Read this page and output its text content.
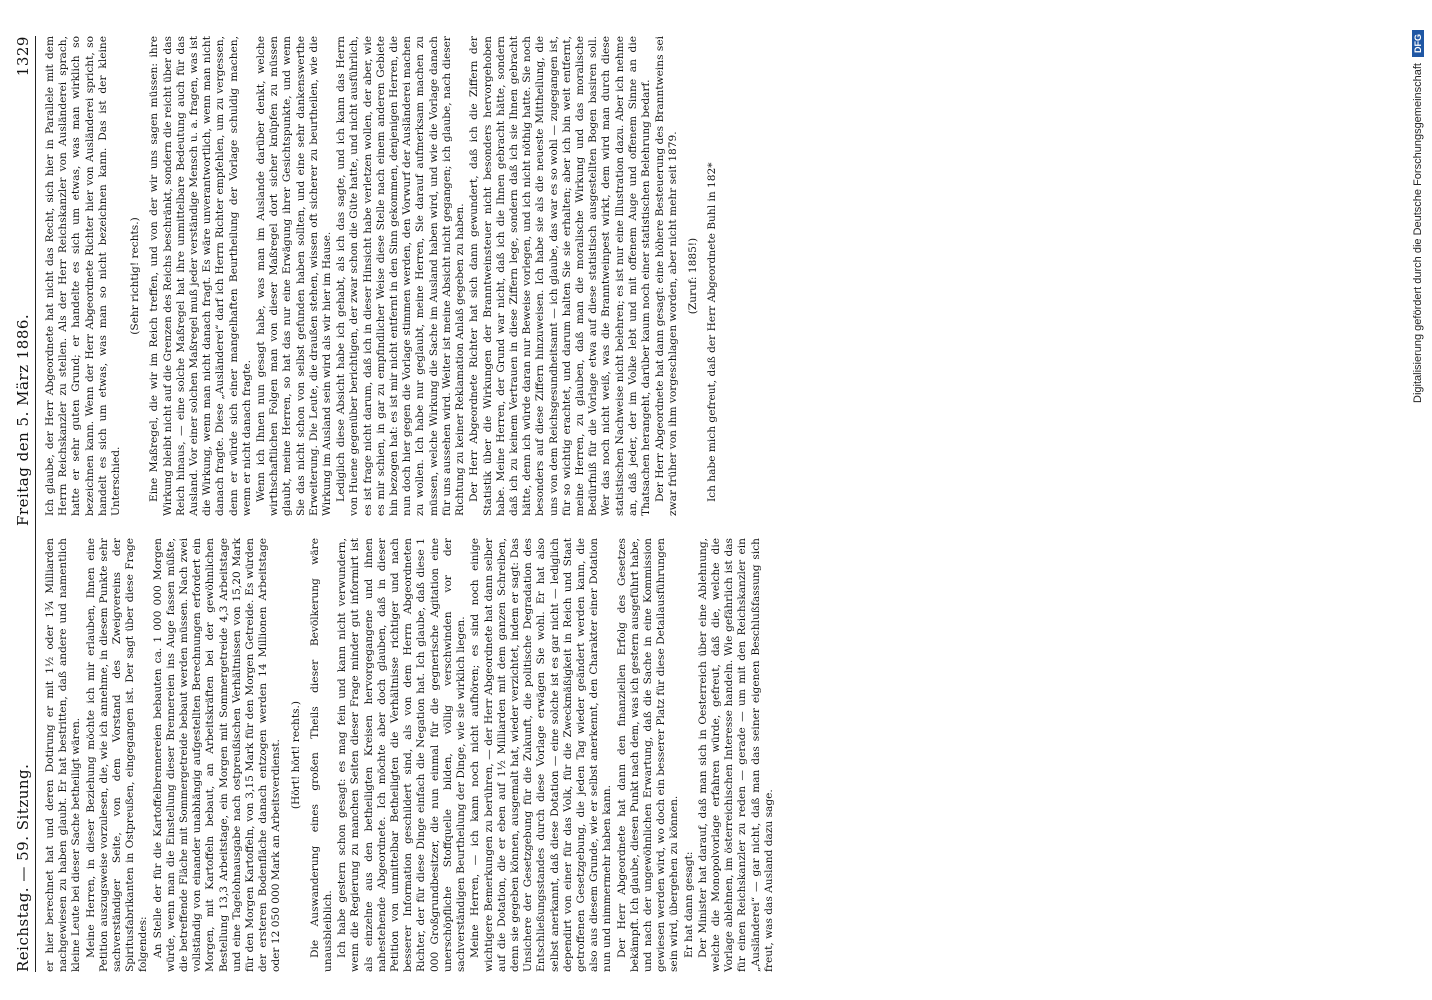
Reichstag. — 59. Sitzung.
Freitag den 5. März 1886.
1329

er hier berechnet hat und deren Dotirung er mit 1½ oder 1¾ Milliarden nachgewiesen zu haben glaubt. Er hat bestritten, daß andere und namentlich kleine Leute bei dieser Sache betheiligt wären. Meine Herren, in dieser Beziehung möchte ich mir erlauben, Ihnen eine Petition auszugsweise vorzulesen, die, wie ich annehme, in diesem Punkte sehr sachverständiger Seite, von dem Vorstand des Zweigvereins der Spiritusfabrikanten in Ostpreußen, eingegangen ist. Der sagt über diese Frage folgendes: An Stelle der für die Kartoffelbrennereien bebauten ca. 1 000 000 Morgen würde, wenn man die Einstellung dieser Brennereien ins Auge fassen müßte, die betreffende Fläche mit Sommergetreide bebaut werden müssen. Nach zwei vollständig von einander unabhängig aufgestellten Berechnungen erfordert ein Morgen, mit Kartoffeln bebaut, an Arbeitskräften bei der gewöhnlichen Bestellung 13,3 Arbeitstage, ein Morgen mit Sommergetreide 4,3 Arbeitstage und eine Tagelohnausgabe nach ostpreußischen Verhältnissen von 15,20 Mark für den Morgen Kartoffeln, von 3,15 Mark für den Morgen Getreide. Es würden der ersteren Bodenfläche danach entzogen werden 14 Millionen Arbeitstage oder 12 050 000 Mark an Arbeitsverdienst. (Hört! hört! rechts.) Die Auswanderung eines großen Theils dieser Bevölkerung wäre unausbleiblich. Ich habe gestern schon gesagt: es mag fein und kann nicht verwundern, wenn die Regierung zu manchen Seiten dieser Frage minder gut informirt ist als einzelne aus den betheiligten Kreisen hervorgegangene und ihnen nahestehende Abgeordnete. Ich möchte aber doch glauben, daß in dieser Petition von unmittelbar Betheiligten die Verhältnisse richtiger und nach besserer Information geschildert sind, als von dem Herrn Abgeordneten Richter, der für diese Dinge einfach die Negation hat. Ich glaube, daß diese 1 000 Großgrundbesitzer, die nun einmal für die gegnerische Agitation eine unerschöpfliche Stoffquelle bilden, völlig verschwinden vor der sachverständigen Beurtheilung der Dinge, wie sie wirklich liegen. Meine Herren, — ich kann noch nicht aufhören; es sind noch einige wichtigere Bemerkungen zu berühren, — der Herr Abgeordnete hat dann selber auf die Dotation, die er eben auf 1½ Milliarden mit dem ganzen Schreiben, denn sie gegeben können, ausgemalt hat, wieder verzichtet, indem er sagt: Das Unsichere der Gesetzgebung für die Zukunft, die politische Degradation des Entschließungsstandes durch diese Vorlage erwägen Sie wohl. Er hat also selbst anerkannt, daß diese Dotation — eine solche ist es gar nicht — lediglich dependirt von einer für das Volk, für die Zweckmäßigkeit in Reich und Staat getroffenen Gesetzgebung, die jeden Tag wieder geändert werden kann, die also aus diesem Grunde, wie er selbst anerkennt, den Charakter einer Dotation nun und nimmermehr haben kann. Der Herr Abgeordnete hat dann den finanziellen Erfolg des Gesetzes bekämpft. Ich glaube, diesen Punkt nach dem, was ich gestern ausgeführt habe, und nach der ungewöhnlichen Erwartung, daß die Sache in eine Kommission gewiesen werden wird, wo doch ein besserer Platz für diese Detailausführungen sein wird, übergehen zu können. Er hat dann gesagt: Der Minister hat darauf, daß man sich in Oesterreich über eine Ablehnung, welche die Monopolvorlage erfahren würde, gefreut, daß die, welche die Vorlage ablehnen, im österreichischen Interesse handeln. Wie gefährlich ist das für einen Reichskanzler zu reden — gerade — um mit den Reichskanzler ein „Ausländerei“ — gar nicht, daß man das seiner eigenen Beschlußfassung sich freut, was das Ausland dazu sage.

Ich glaube, der Herr Abgeordnete hat nicht das Recht, sich hier in Parallele mit dem Herrn Reichskanzler zu stellen. Als der Herr Reichskanzler von Ausländerei sprach, hatte er sehr guten Grund; er handelte es sich um etwas, was man wirklich so bezeichnen kann. Wenn der Herr Abgeordnete Richter hier von Ausländerei spricht, so handelt es sich um etwas, was man so nicht bezeichnen kann. Das ist der kleine Unterschied.

(Sehr richtig! rechts.) Eine Maßregel, die wir im Reich treffen, und von der wir uns sagen müssen: ihre Wirkung bleibt nicht auf die Grenzen des Reichs beschränkt, sondern die reicht über das Reich hinaus, — eine solche Maßregel hat ihre unmittelbare Bedeutung auch für das Ausland. Vor einer solchen Maßregel muß jeder verständige Mensch u. a. fragen, was ist die Wirkung, wenn man nicht danach fragt. Es wäre unverantwortlich, wenn man nicht danach fragte. Diese „Ausländerei“ darf ich Herrn Richter empfehlen, um zu vergessen, denn er würde sich einer mangelhaften Beurtheilung der Vorlage schuldig machen, wenn er nicht danach fragte. Wenn ich Ihnen nun gesagt habe, was man im Auslande darüber denkt, welche wirthschaftlichen Folgen man von dieser Maßregel dort sicher knüpfen zu müssen glaubt, meine Herren, so hat das nur eine Erwägung ihrer Gesichtspunkte, und wenn Sie das nicht schon von selbst gefunden haben sollten, und eine sehr dankenswerthe Erweiterung. Die Leute, die draußen stehen, wissen oft sicherer zu beurtheilen, wie die Wirkung im Ausland sein wird als wir hier im Hause. Lediglich diese Absicht habe ich gehabt, als ich das sagte, und ich kann das Herrn von Huene gegenüber berichtigen, der zwar schon die Güte hatte, und nicht ausführlich, es ist frage nicht darum, daß ich in dieser Hinsicht habe verletzen wollen, der aber, wie es mir schien, in gar zu empfindlicher Weise diese Stelle nach einem anderen Gebiete hin bezogen hat: es ist mir nicht entfernt in den Sinn gekommen, denjenigen Herren, die nun doch hier gegen die Vorlage stimmen werden, den Vorwurf der Ausländerei machen zu wollen. Ich habe nur geglaubt, meine Herren, Sie darauf aufmerksam machen zu müssen, welche Wirkung die Sache im Ausland haben wird, und wie die Vorlage danach für uns aussehen wird. Weiter ist meine Absicht nicht gegangen; ich glaube, nach dieser Richtung zu keiner Reklamation Anlaß gegeben zu haben. Der Herr Abgeordnete Richter hat sich dann gewundert, daß ich die Ziffern der Statistik über die Wirkungen der Branntweinsteuer nicht besonders hervorgehoben habe. Meine Herren, der Grund war nicht, daß ich die Ihnen gebracht hätte, sondern daß ich zu keinem Vertrauen in diese Ziffern lege, sondern daß ich sie Ihnen gebracht hätte, denn ich würde daran nur Beweise vorlegen, und ich nicht nöthig hatte. Sie noch besonders auf diese Ziffern hinzuweisen. Ich habe sie als die neueste Mittheilung, die uns von dem Reichsgesundheitsamt — ich glaube, das war es so wohl — zugegangen ist, für so wichtig erachtet, und darum halten Sie sie erhalten; aber ich bin weit entfernt, meine Herren, zu glauben, daß man die moralische Wirkung und das moralische Bedürfniß für die Vorlage etwa auf diese statistisch ausgestellten Bogen basiren soll. Wer das noch nicht weiß, was die Branntweinpest wirkt, dem wird man durch diese statistischen Nachweise nicht belehren; es ist nur eine Illustration dazu. Aber ich nehme an, daß jeder, der im Volke lebt und mit offenem Auge und offenem Sinne an die Thatsachen herangeht, darüber kaum noch einer statistischen Belehrung bedarf. Der Herr Abgeordnete hat dann gesagt: eine höhere Besteuerung des Branntweins sei zwar früher von ihm vorgeschlagen worden, aber nicht mehr seit 1879. (Zuruf: 1885!) Ich habe mich gefreut, daß der Herr Abgeordnete Buhl in 182*	Digitalisierung gefördert durch die Deutsche Forschungsgemeinschaft
DFG
